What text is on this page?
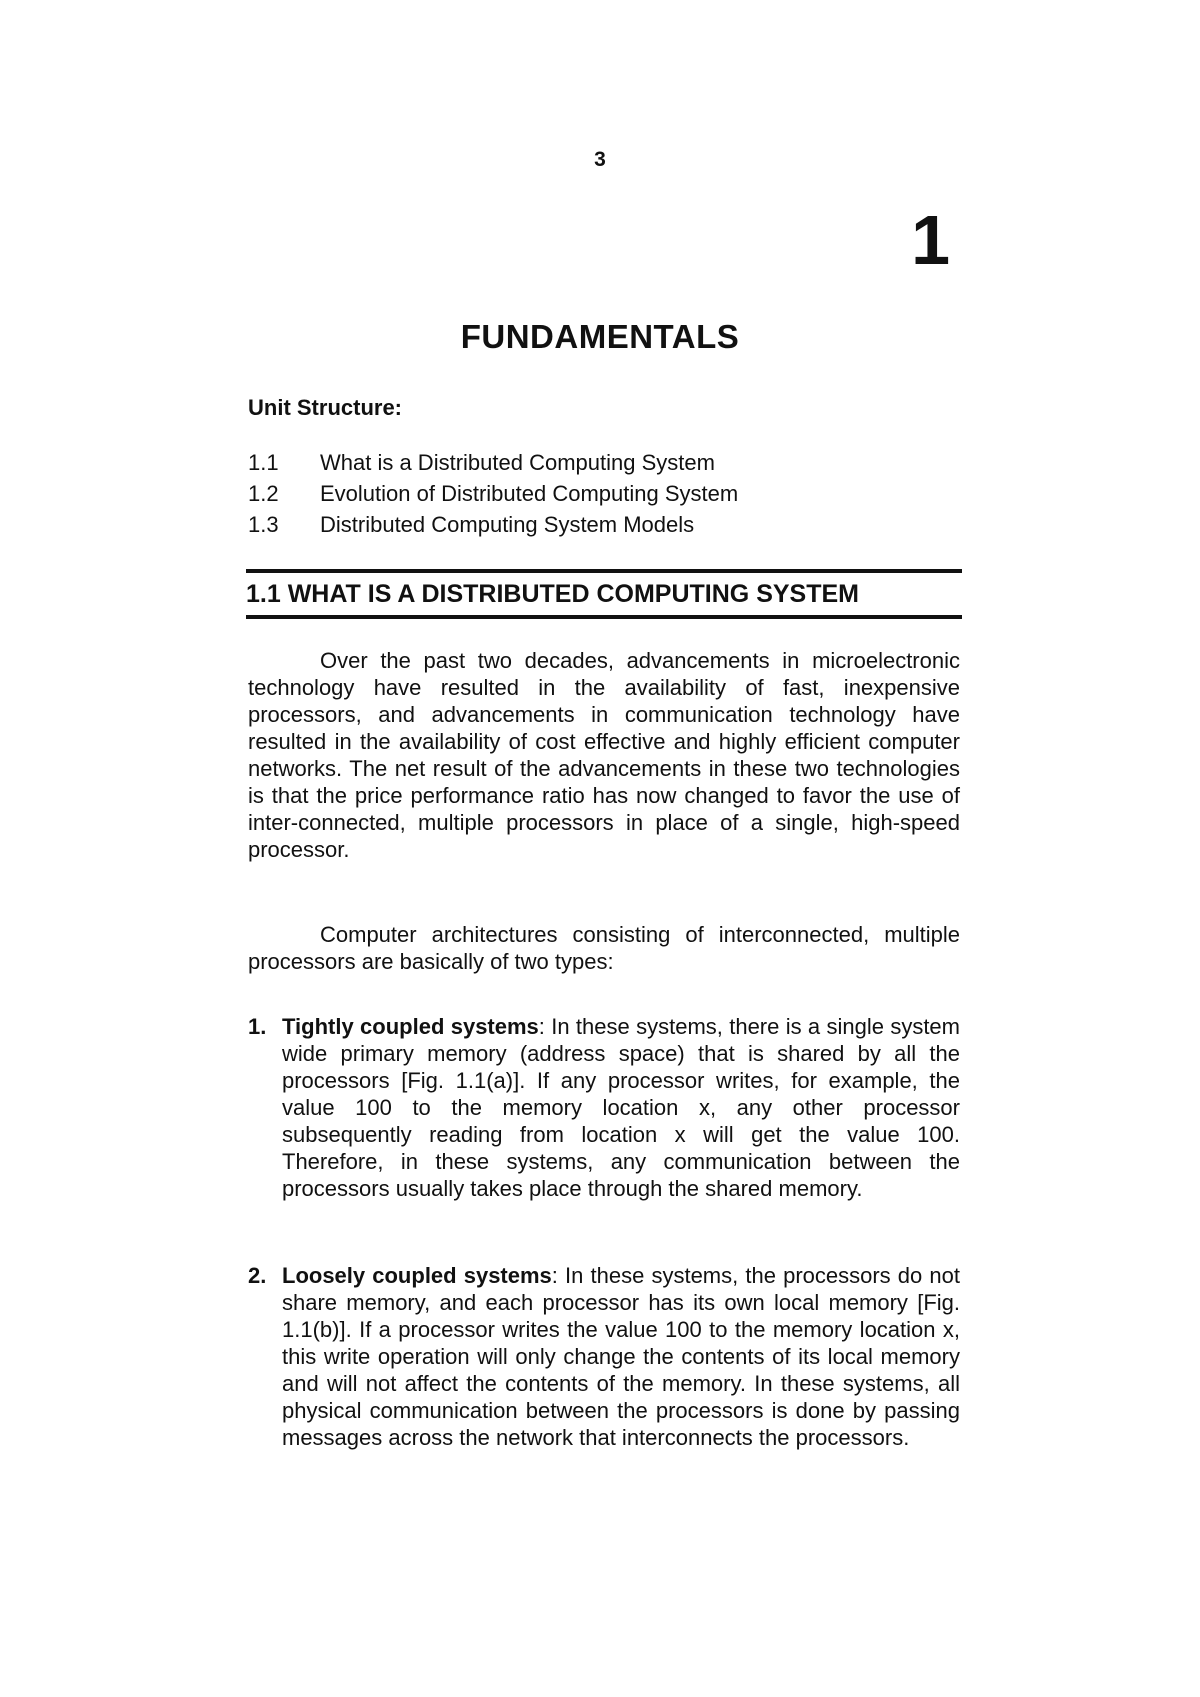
3
1
FUNDAMENTALS
Unit Structure:
1.1 What is a Distributed Computing System
1.2 Evolution of Distributed Computing System
1.3 Distributed Computing System Models
1.1 WHAT IS A DISTRIBUTED COMPUTING SYSTEM

Over the past two decades, advancements in microelectronic technology have resulted in the availability of fast, inexpensive processors, and advancements in communication technology have resulted in the availability of cost effective and highly efficient computer networks. The net result of the advancements in these two technologies is that the price performance ratio has now changed to favor the use of inter-connected, multiple processors in place of a single, high-speed processor.

Computer architectures consisting of interconnected, multiple processors are basically of two types:

1. Tightly coupled systems: In these systems, there is a single system wide primary memory (address space) that is shared by all the processors [Fig. 1.1(a)]. If any processor writes, for example, the value 100 to the memory location x, any other processor subsequently reading from location x will get the value 100. Therefore, in these systems, any communication between the processors usually takes place through the shared memory.
2. Loosely coupled systems: In these systems, the processors do not share memory, and each processor has its own local memory [Fig. 1.1(b)]. If a processor writes the value 100 to the memory location x, this write operation will only change the contents of its local memory and will not affect the contents of the memory. In these systems, all physical communication between the processors is done by passing messages across the network that interconnects the processors.
